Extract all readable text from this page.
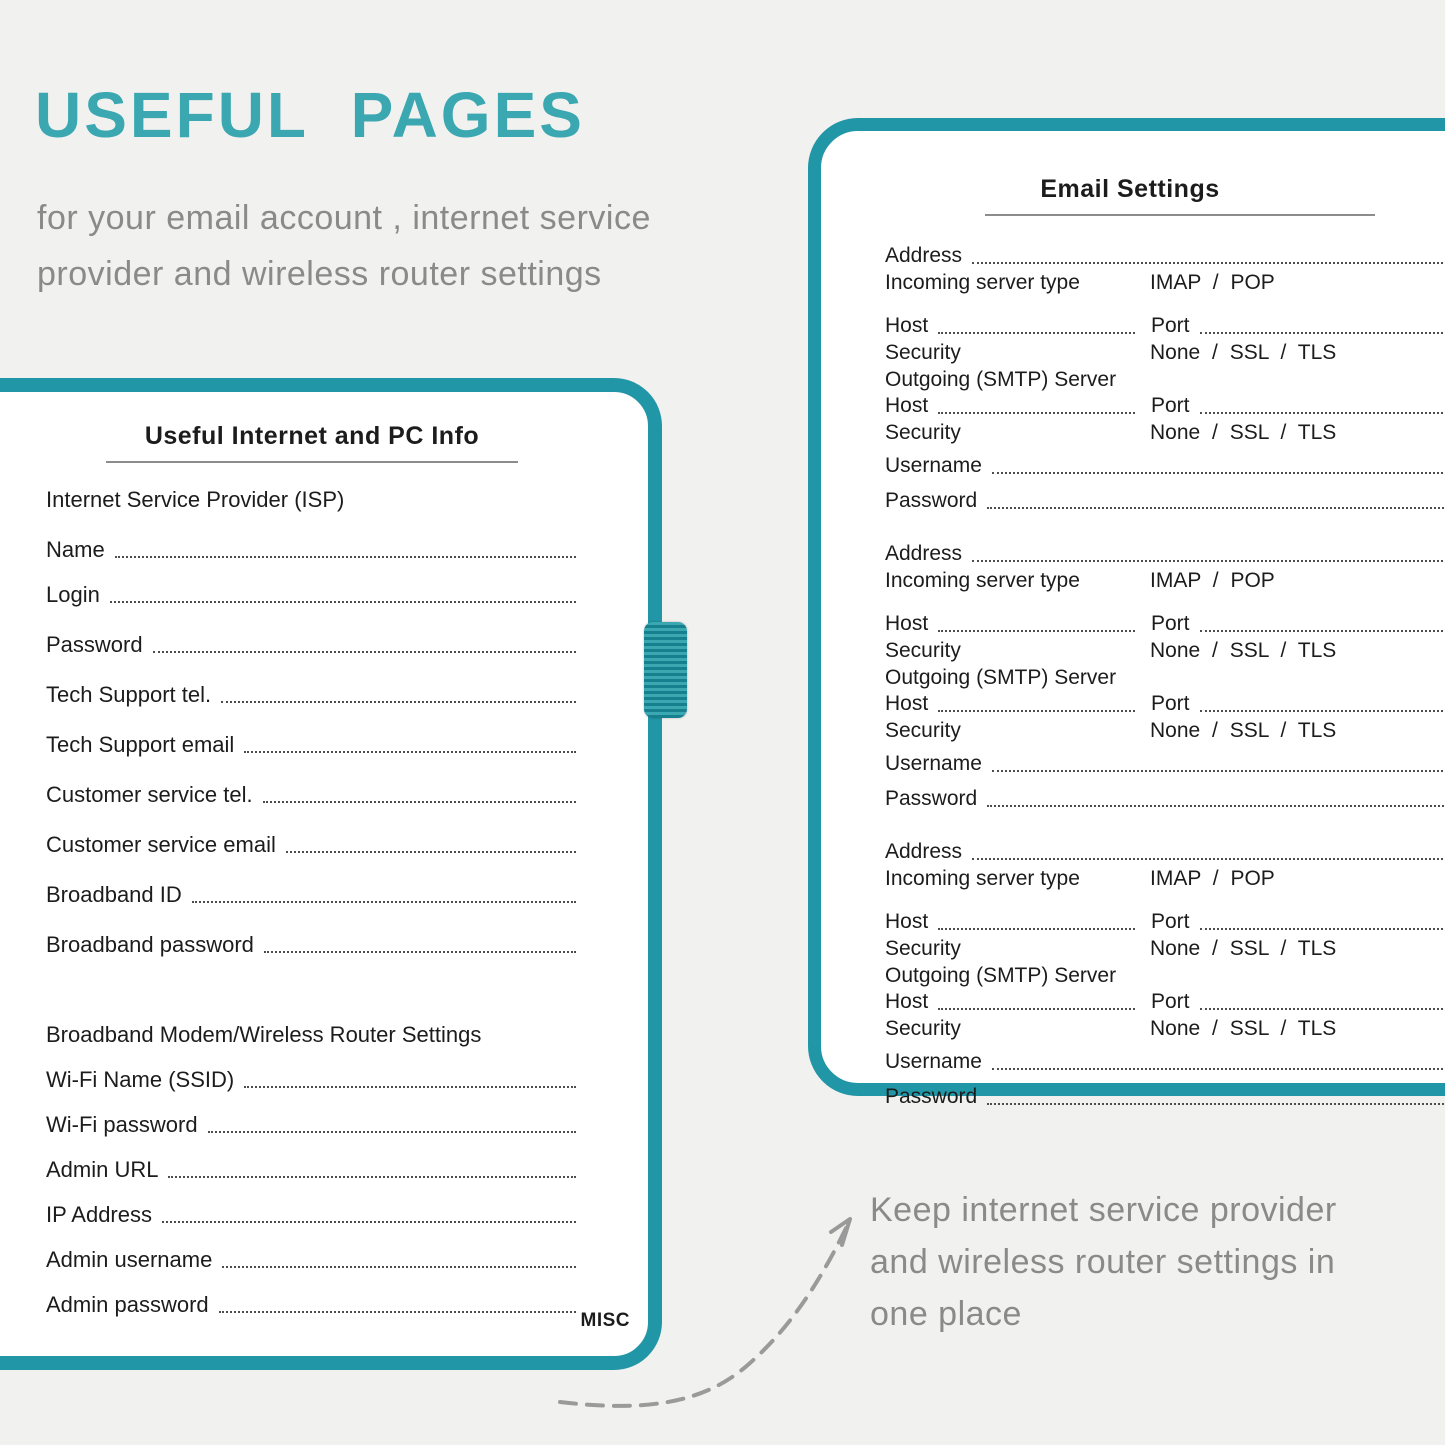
USEFUL PAGES

for your email account , internet service
provider and wireless router settings

Useful Internet and PC Info
Internet Service Provider (ISP)
Name
Login
Password
Tech Support tel.
Tech Support email
Customer service tel.
Customer service email
Broadband ID
Broadband password
Broadband Modem/Wireless Router Settings
Wi-Fi Name (SSID)
Wi-Fi password
Admin URL
IP Address
Admin username
Admin password
MISC
Email Settings
Address
Incoming server type	IMAP / POP
Host	Port
Security	None / SSL / TLS
Outgoing (SMTP) Server
Host	Port
Security	None / SSL / TLS
Username
Password
Address
Incoming server type	IMAP / POP
Host	Port
Security	None / SSL / TLS
Outgoing (SMTP) Server
Host	Port
Security	None / SSL / TLS
Username
Password
Address
Incoming server type	IMAP / POP
Host	Port
Security	None / SSL / TLS
Outgoing (SMTP) Server
Host	Port
Security	None / SSL / TLS
Username
Password
Keep internet service provider
and wireless router settings in
one place
